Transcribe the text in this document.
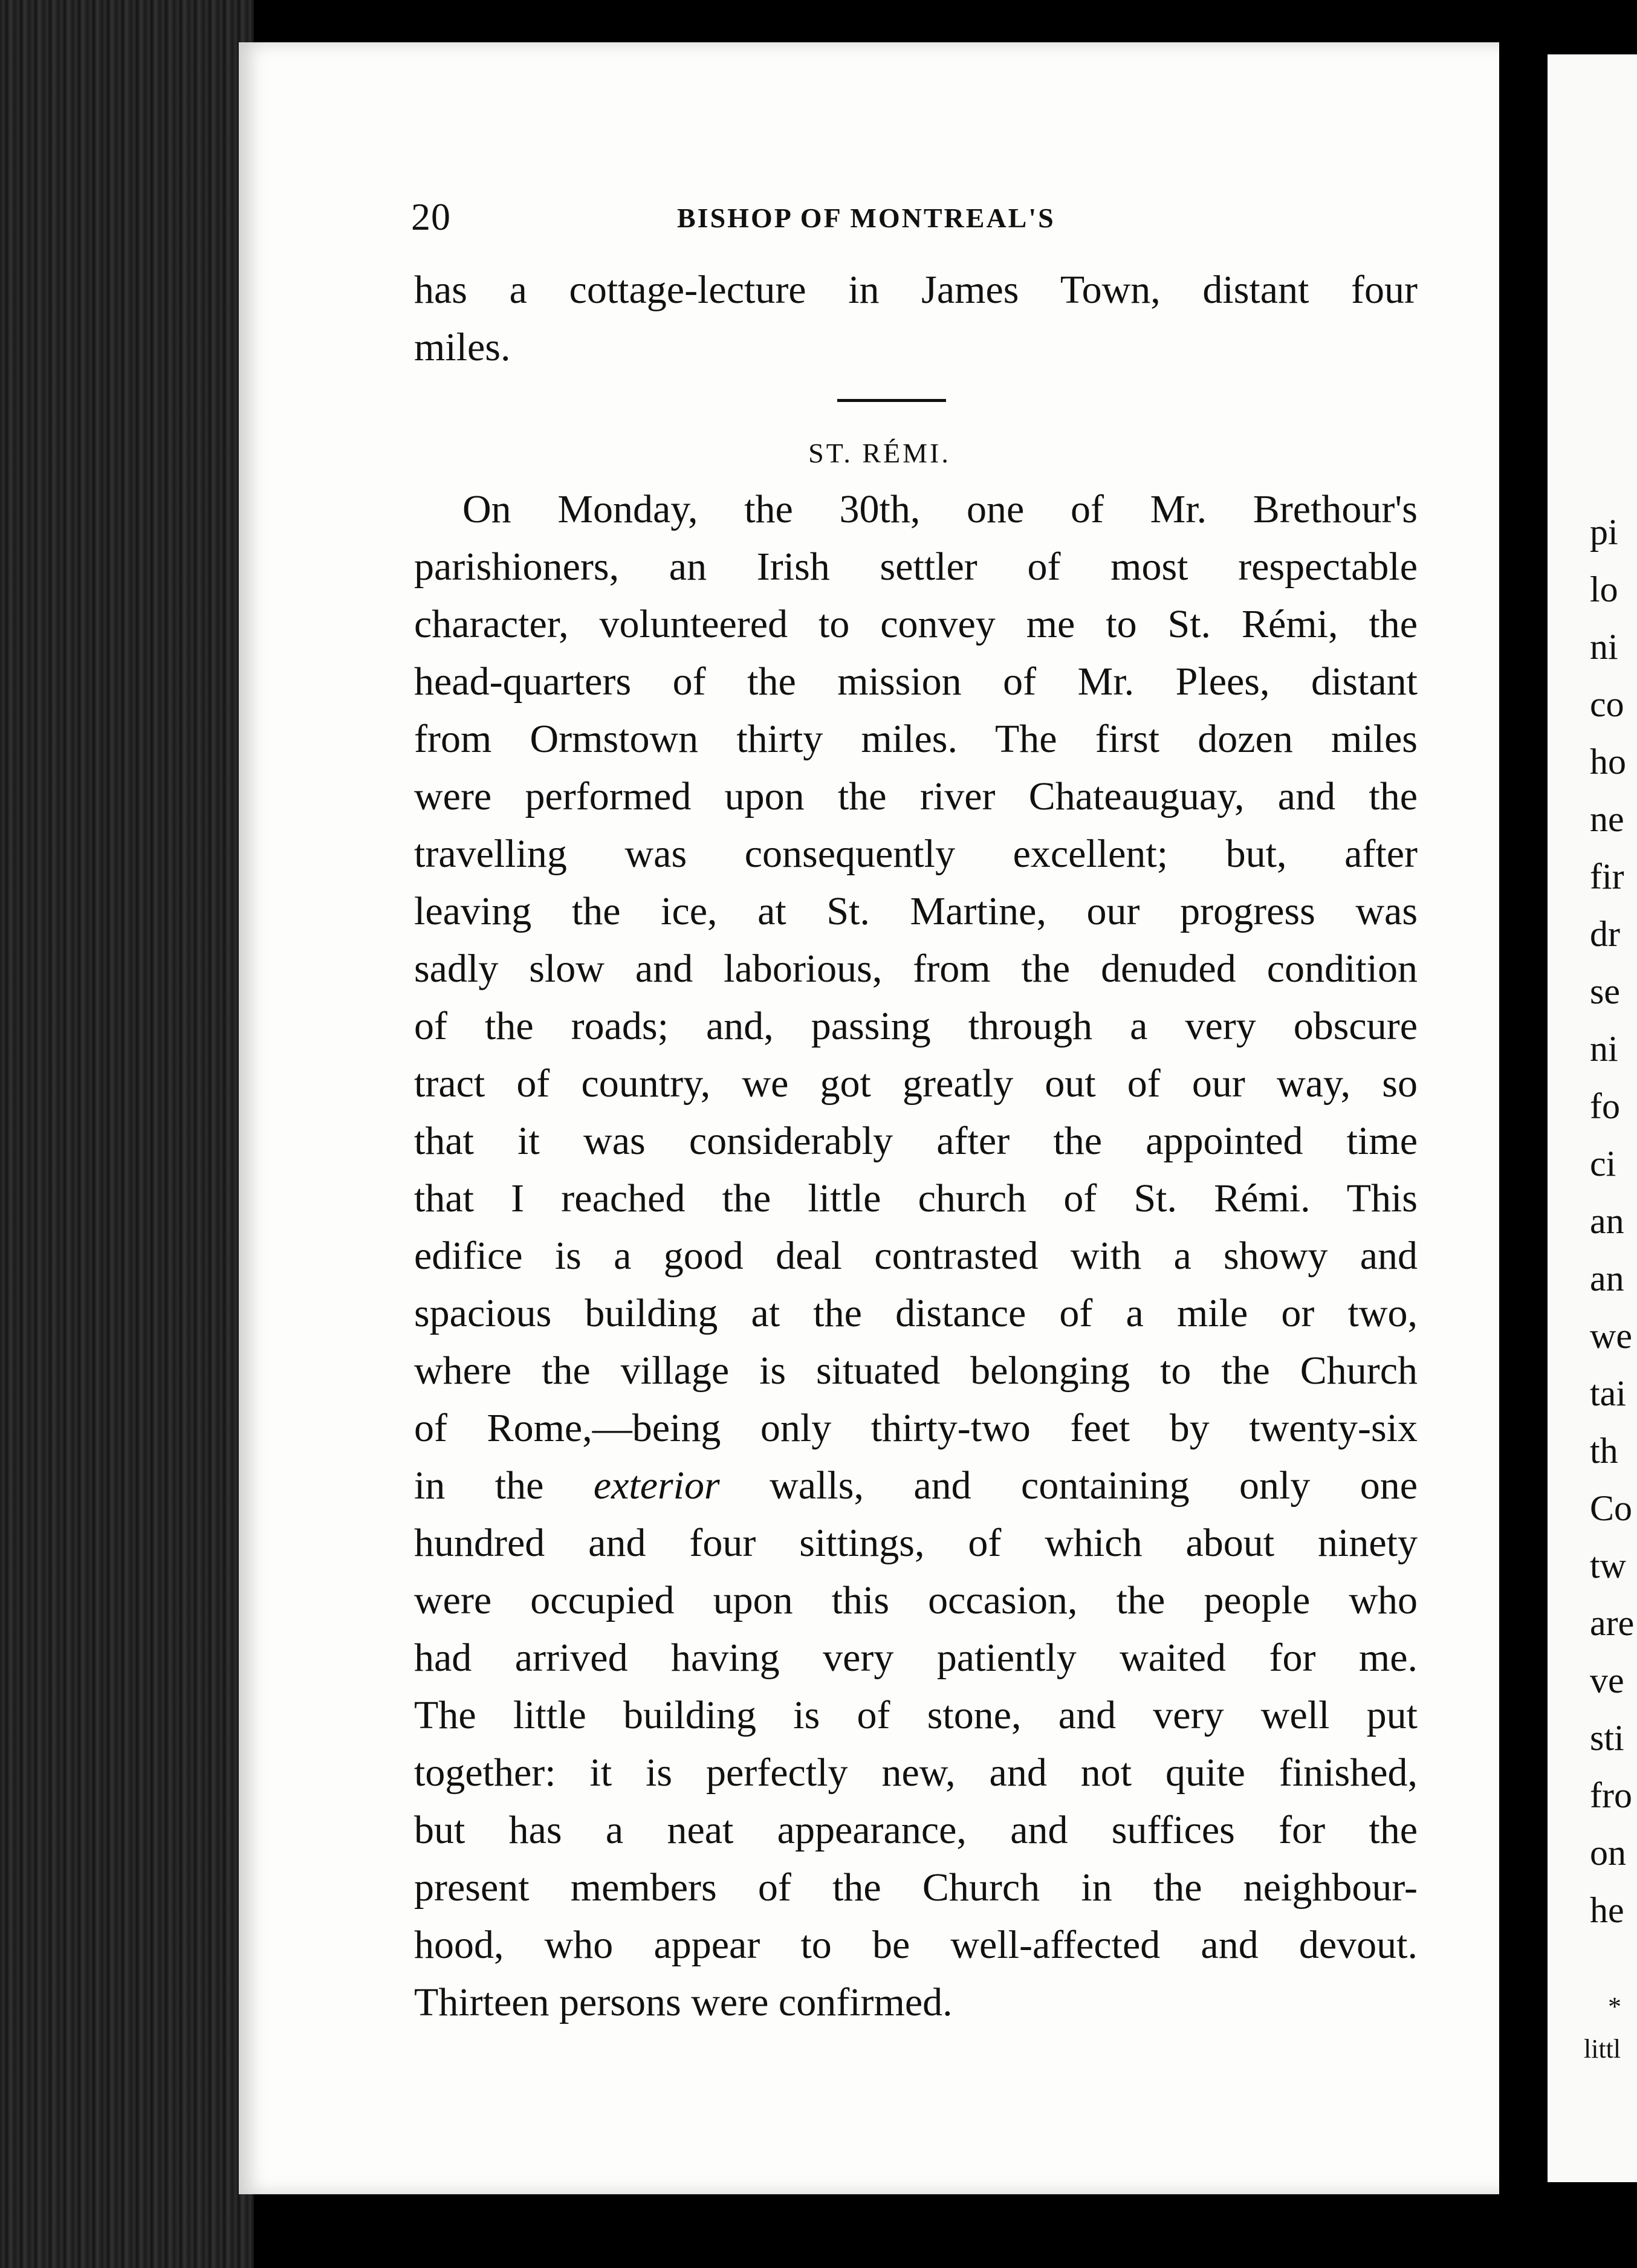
pi
lo
ni
co
ho
ne
fir
dr
se
ni
fo
ci
an
an
we
tai
th
Co
tw
are
ve
sti
fro
on
he
*
littl
20	BISHOP OF MONTREAL'S
has a cottage-lecture in James Town, distant four
miles.
ST. RÉMI.
On Monday, the 30th, one of Mr. Brethour's
parishioners, an Irish settler of most respectable
character, volunteered to convey me to St. Rémi, the
head-quarters of the mission of Mr. Plees, distant
from Ormstown thirty miles. The first dozen miles
were performed upon the river Chateauguay, and the
travelling was consequently excellent; but, after
leaving the ice, at St. Martine, our progress was
sadly slow and laborious, from the denuded condition
of the roads; and, passing through a very obscure
tract of country, we got greatly out of our way, so
that it was considerably after the appointed time
that I reached the little church of St. Rémi. This
edifice is a good deal contrasted with a showy and
spacious building at the distance of a mile or two,
where the village is situated belonging to the Church
of Rome,—being only thirty-two feet by twenty-six
in the exterior walls, and containing only one
hundred and four sittings, of which about ninety
were occupied upon this occasion, the people who
had arrived having very patiently waited for me.
The little building is of stone, and very well put
together: it is perfectly new, and not quite finished,
but has a neat appearance, and suffices for the
present members of the Church in the neighbour-
hood, who appear to be well-affected and devout.
Thirteen persons were confirmed.
